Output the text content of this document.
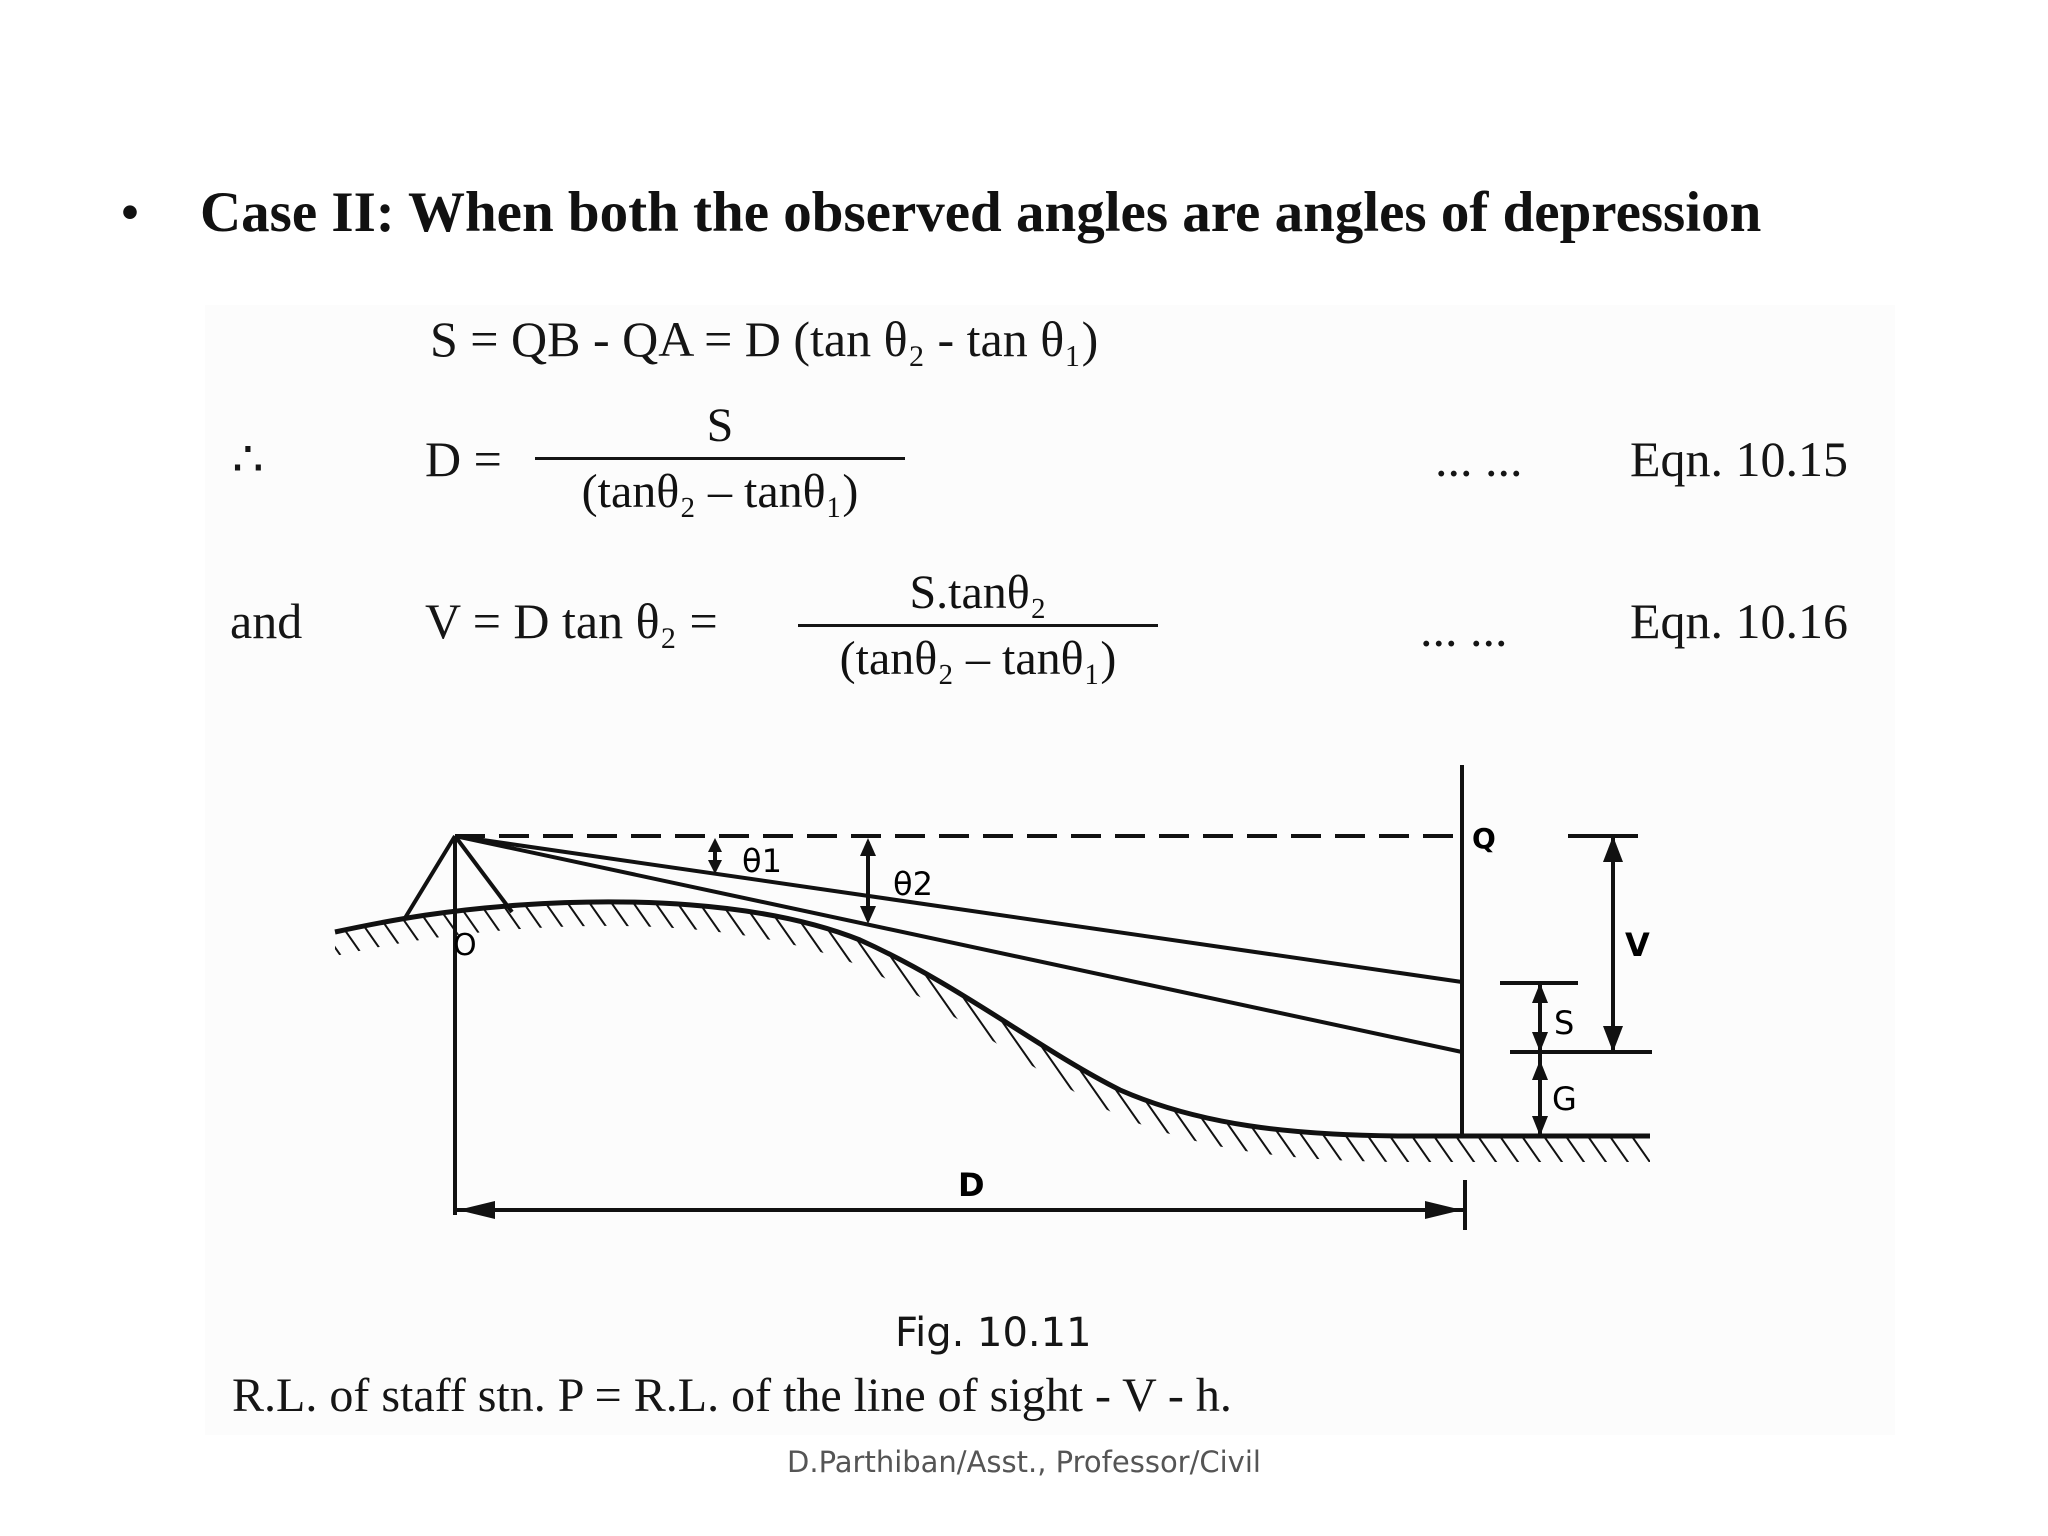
• Case II: When both the observed angles are angles of depression
S = QB - QA = D (tan θ₂ - tan θ₁)
∴	$D = \frac{S}{\text{(tanθ₂ – tanθ₁)}}$	... ... Eqn. 10.15
and V = D $\tan \theta_2 = \frac{\text{S.tanθ₂}}{\text{(tanθ₂ – tanθ₁)}}$	... ... Eqn. 10.16
θ1
θ2
O
Q
V
S
G
D
Fig. 10.11
R.L. of staff stn. P = R.L. of the line of sight - V - h.
D.Parthiban/Asst., Professor/Civil
